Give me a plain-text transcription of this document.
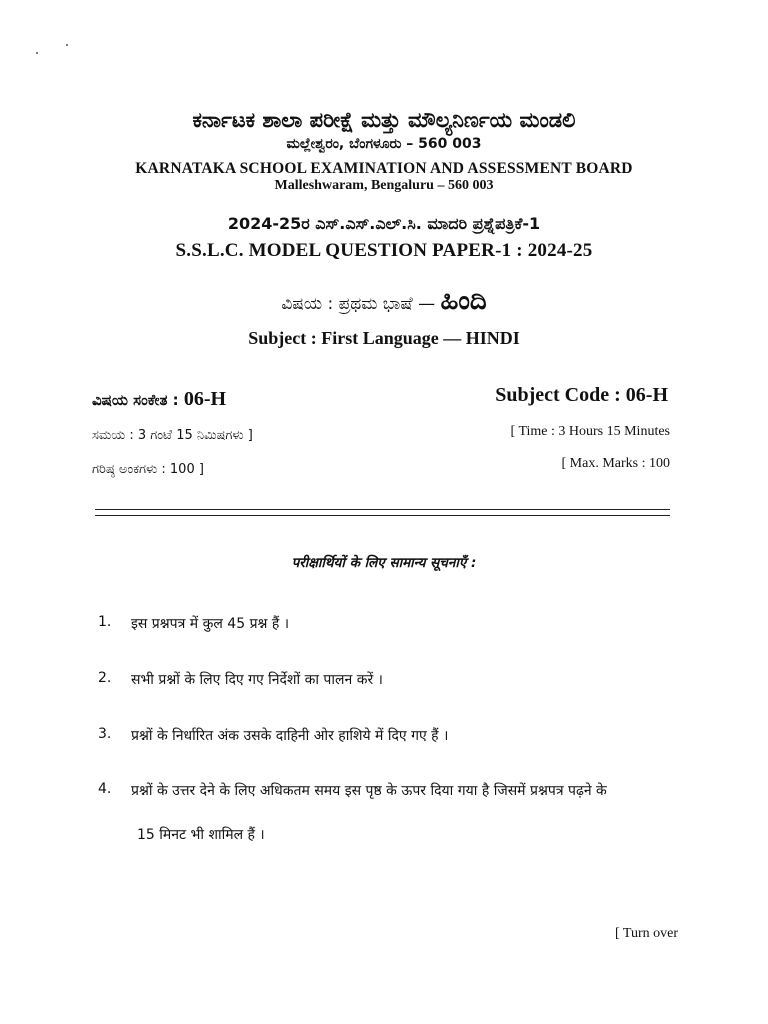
ಕರ್ನಾಟಕ ಶಾಲಾ ಪರೀಕ್ಷೆ ಮತ್ತು ಮೌಲ್ಯನಿರ್ಣಯ ಮಂಡಲಿ
ಮಲ್ಲೇಶ್ವರಂ, ಬೆಂಗಳೂರು – 560 003
KARNATAKA SCHOOL EXAMINATION AND ASSESSMENT BOARD
Malleshwaram, Bengaluru – 560 003
2024-25ರ ಎಸ್.ಎಸ್.ಎಲ್.ಸಿ. ಮಾದರಿ ಪ್ರಶ್ನೆಪತ್ರಿಕೆ-1
S.S.L.C. MODEL QUESTION PAPER-1 : 2024-25
ವಿಷಯ : ಪ್ರಥಮ ಭಾಷೆ — ಹಿಂದಿ
Subject : First Language — HINDI
ವಿಷಯ ಸಂಕೇತ : 06-H	Subject Code : 06-H
ಸಮಯ : 3 ಗಂಟೆ 15 ನಿಮಿಷಗಳು ]	[ Time : 3 Hours 15 Minutes
ಗರಿಷ್ಠ ಅಂಕಗಳು : 100 ]	[ Max. Marks : 100
परीक्षार्थियों के लिए सामान्य सूचनाएँ :
1.	इस प्रश्नपत्र में कुल 45 प्रश्न हैं ।
2.	सभी प्रश्नों के लिए दिए गए निर्देशों का पालन करें ।
3.	प्रश्नों के निर्धारित अंक उसके दाहिनी ओर हाशिये में दिए गए हैं ।
4.	प्रश्नों के उत्तर देने के लिए अधिकतम समय इस पृष्ठ के ऊपर दिया गया है जिसमें प्रश्नपत्र पढ़ने के
15 मिनट भी शामिल हैं ।
[ Turn over
